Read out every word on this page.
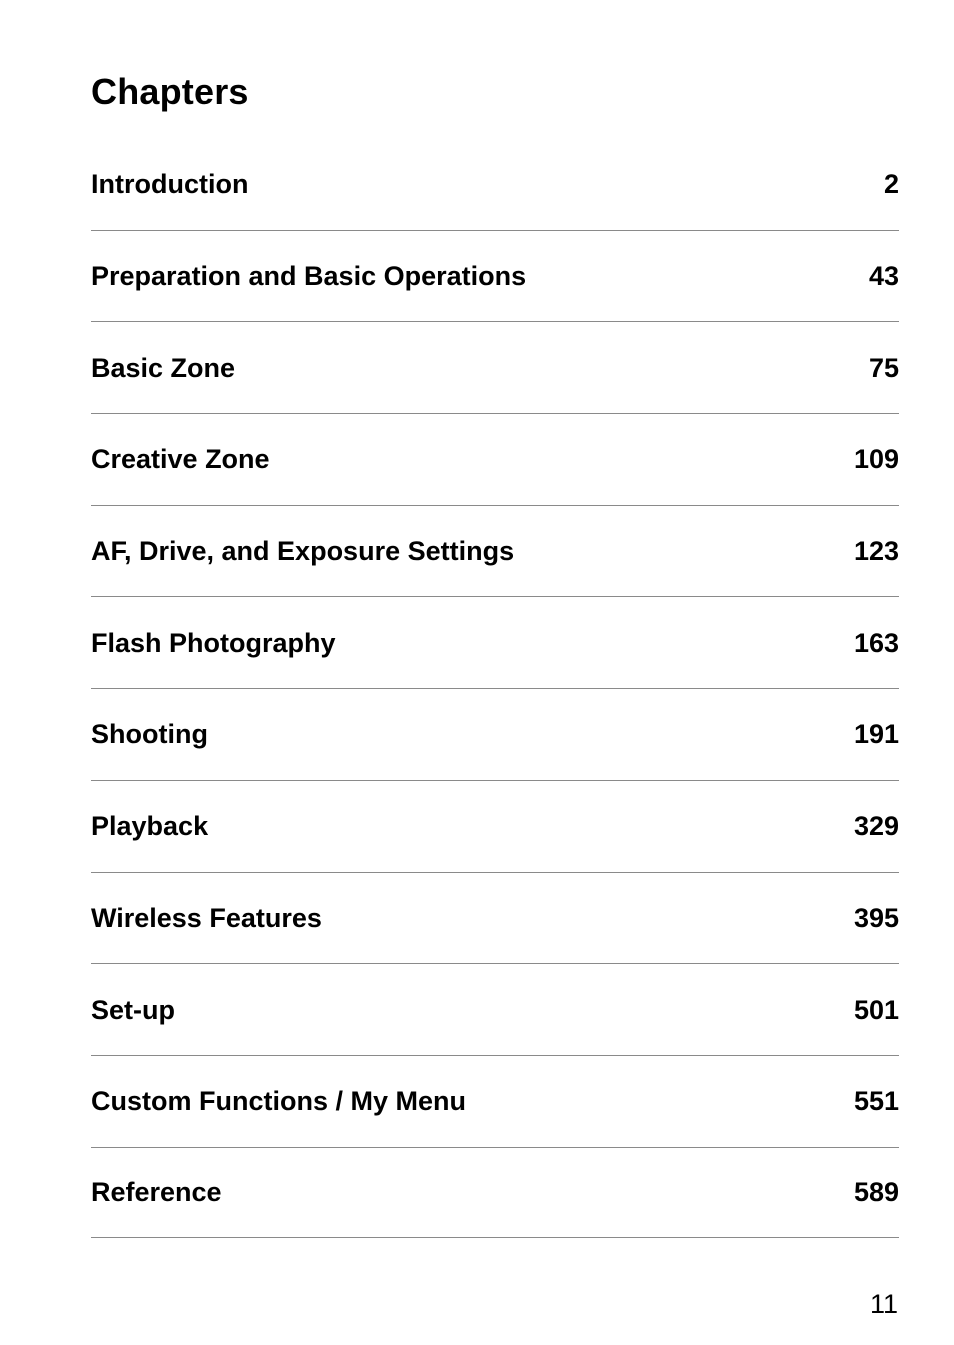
Chapters
Introduction	2
Preparation and Basic Operations	43
Basic Zone	75
Creative Zone	109
AF, Drive, and Exposure Settings	123
Flash Photography	163
Shooting	191
Playback	329
Wireless Features	395
Set-up	501
Custom Functions / My Menu	551
Reference	589
11
